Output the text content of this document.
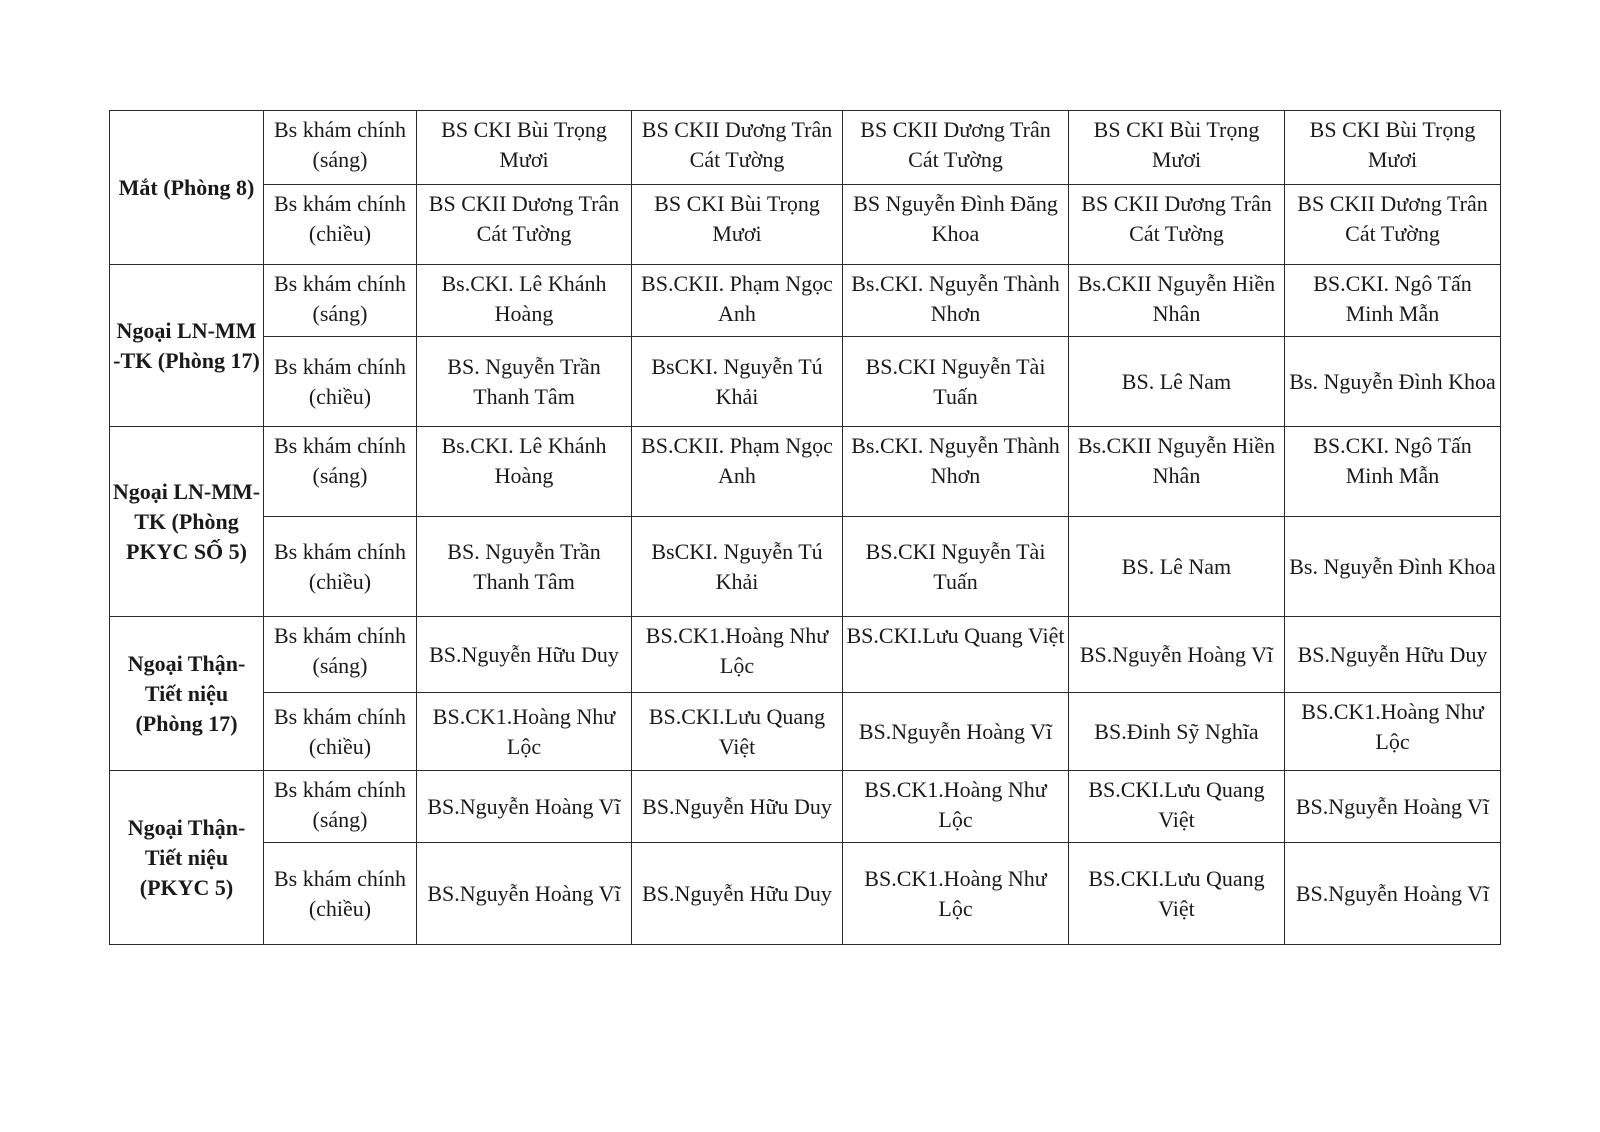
Mắt (Phòng 8)	Bs khám chính (sáng)	BS CKI Bùi Trọng Mươi	BS CKII Dương Trân Cát Tường	BS CKII Dương Trân Cát Tường	BS CKI Bùi Trọng Mươi	BS CKI Bùi Trọng Mươi
	Bs khám chính (chiều)	BS CKII Dương Trân Cát Tường	BS CKI Bùi Trọng Mươi	BS Nguyễn Đình Đăng Khoa	BS CKII Dương Trân Cát Tường	BS CKII Dương Trân Cát Tường
Ngoại LN-MM -TK (Phòng 17)	Bs khám chính (sáng)	Bs.CKI. Lê Khánh Hoàng	BS.CKII. Phạm Ngọc Anh	Bs.CKI. Nguyễn Thành Nhơn	Bs.CKII Nguyễn Hiền Nhân	BS.CKI. Ngô Tấn Minh Mẫn
	Bs khám chính (chiều)	BS. Nguyễn Trần Thanh Tâm	BsCKI. Nguyễn Tú Khải	BS.CKI Nguyễn Tài Tuấn	BS. Lê Nam	Bs. Nguyễn Đình Khoa
Ngoại LN-MM- TK (Phòng PKYC SỐ 5)	Bs khám chính (sáng)	Bs.CKI. Lê Khánh Hoàng	BS.CKII. Phạm Ngọc Anh	Bs.CKI. Nguyễn Thành Nhơn	Bs.CKII Nguyễn Hiền Nhân	BS.CKI. Ngô Tấn Minh Mẫn
	Bs khám chính (chiều)	BS. Nguyễn Trần Thanh Tâm	BsCKI. Nguyễn Tú Khải	BS.CKI Nguyễn Tài Tuấn	BS. Lê Nam	Bs. Nguyễn Đình Khoa
Ngoại Thận-Tiết niệu (Phòng 17)	Bs khám chính (sáng)	BS.Nguyễn Hữu Duy	BS.CK1.Hoàng Như Lộc	BS.CKI.Lưu Quang Việt	BS.Nguyễn Hoàng Vĩ	BS.Nguyễn Hữu Duy
	Bs khám chính (chiều)	BS.CK1.Hoàng Như Lộc	BS.CKI.Lưu Quang Việt	BS.Nguyễn Hoàng Vĩ	BS.Đinh Sỹ Nghĩa	BS.CK1.Hoàng Như Lộc
Ngoại Thận-Tiết niệu (PKYC 5)	Bs khám chính (sáng)	BS.Nguyễn Hoàng Vĩ	BS.Nguyễn Hữu Duy	BS.CK1.Hoàng Như Lộc	BS.CKI.Lưu Quang Việt	BS.Nguyễn Hoàng Vĩ
	Bs khám chính (chiều)	BS.Nguyễn Hoàng Vĩ	BS.Nguyễn Hữu Duy	BS.CK1.Hoàng Như Lộc	BS.CKI.Lưu Quang Việt	BS.Nguyễn Hoàng Vĩ
